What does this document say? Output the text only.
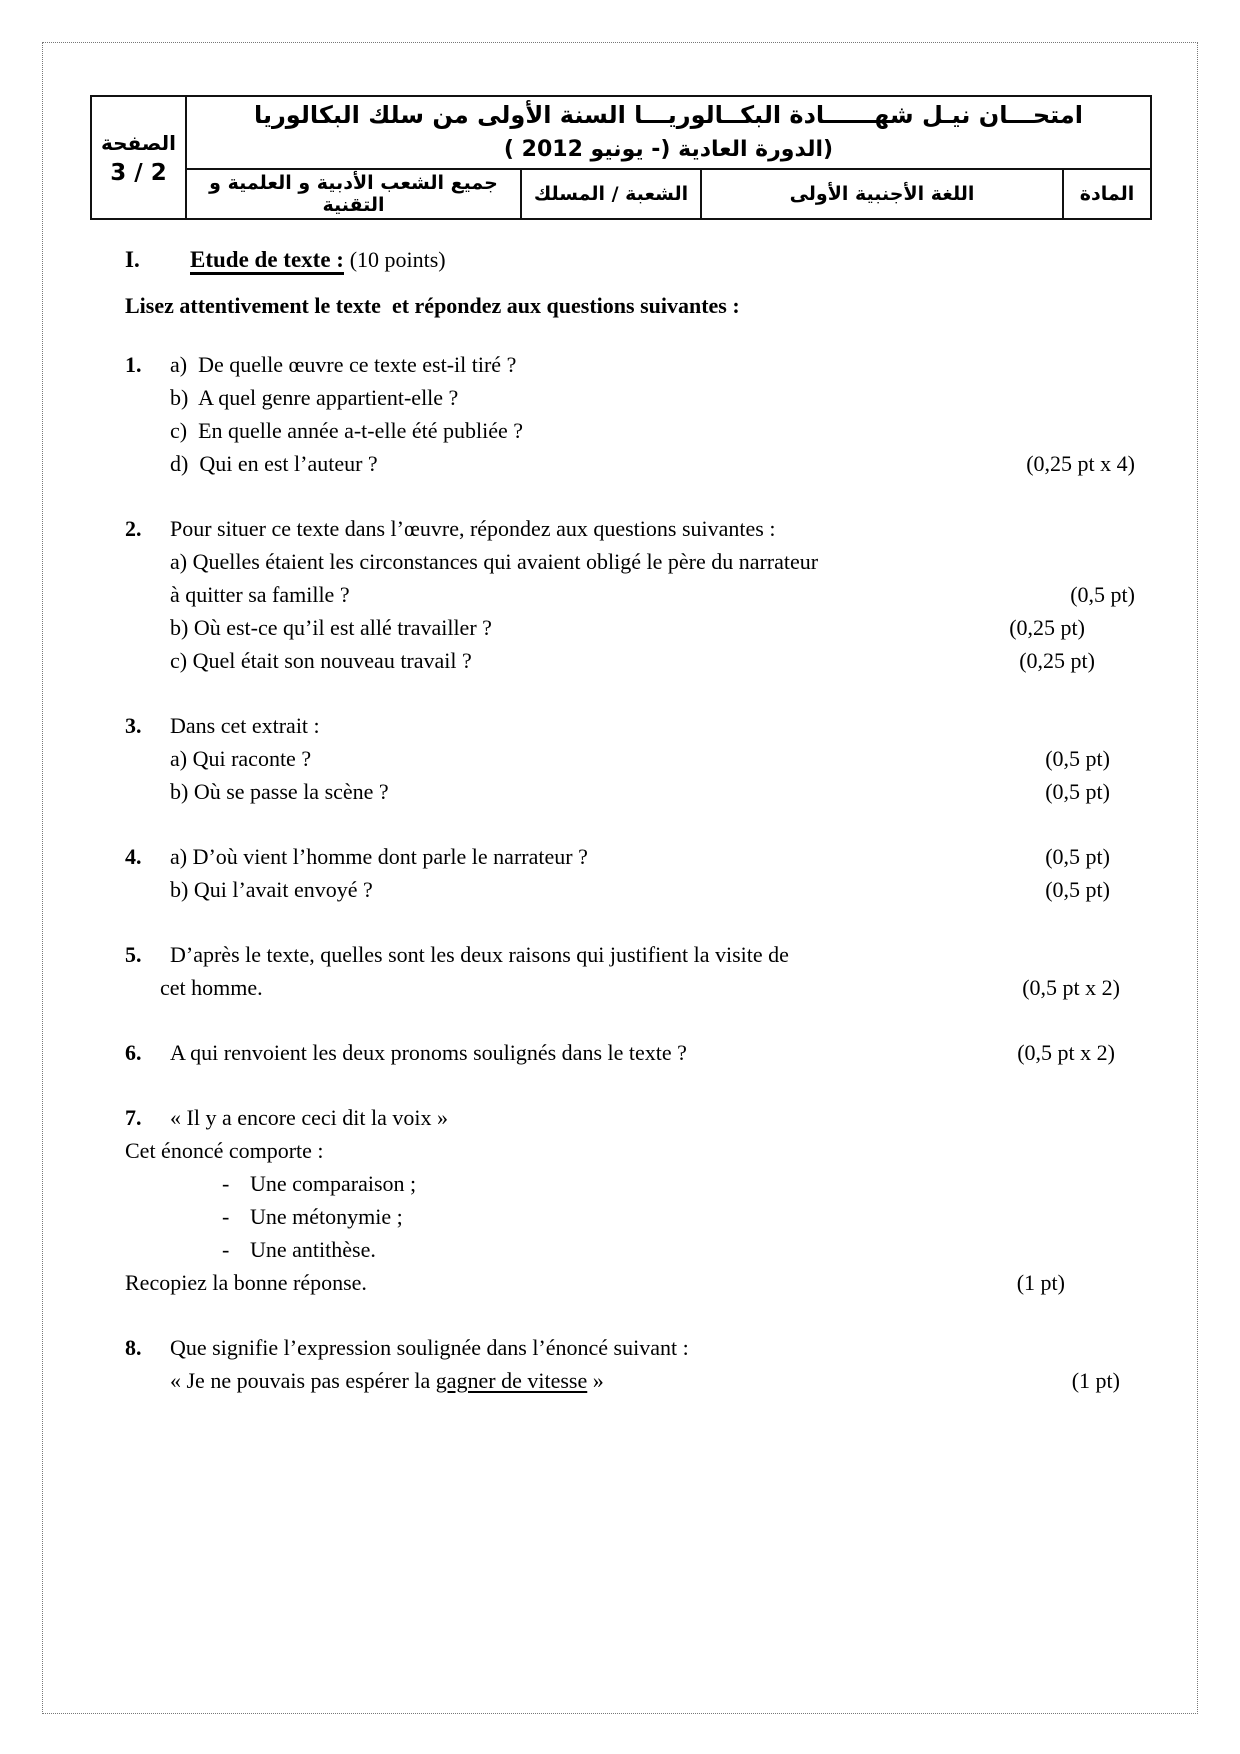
الصفحة
3 / 2

امتحـــان نيـل شهــــــادة البكــالوريـــا السنة الأولى من سلك البكالوريا
(الدورة العادية (- يونيو 2012 )

	جميع الشعب الأدبية و العلمية و التقنية	الشعبة / المسلك	اللغة الأجنبية الأولى	المادة
I. Etude de texte : (10 points)
Lisez attentivement le texte  et répondez aux questions suivantes :
1.	a)  De quelle œuvre ce texte est-il tiré ?
b)  A quel genre appartient-elle ?
c)  En quelle année a-t-elle été publiée ?
d)  Qui en est l’auteur ?	(0,25 pt x 4)
2.	Pour situer ce texte dans l’œuvre, répondez aux questions suivantes :
a) Quelles étaient les circonstances qui avaient obligé le père du narrateur
à quitter sa famille ?	(0,5 pt)
b) Où est-ce qu’il est allé travailler ?	(0,25 pt)
c) Quel était son nouveau travail ?	(0,25 pt)
3.	Dans cet extrait :
a) Qui raconte ?	(0,5 pt)
b) Où se passe la scène ?	(0,5 pt)
4.	a) D’où vient l’homme dont parle le narrateur ?	(0,5 pt)
b) Qui l’avait envoyé ?	(0,5 pt)
5.	D’après le texte, quelles sont les deux raisons qui justifient la visite de
cet homme.	(0,5 pt x 2)
6.	A qui renvoient les deux pronoms soulignés dans le texte ?	(0,5 pt x 2)
7.	« Il y a encore ceci dit la voix »
Cet énoncé comporte :
- Une comparaison ;
- Une métonymie ;
- Une antithèse.
Recopiez la bonne réponse.	(1 pt)
8.	Que signifie l’expression soulignée dans l’énoncé suivant :
« Je ne pouvais pas espérer la gagner de vitesse »	(1 pt)
